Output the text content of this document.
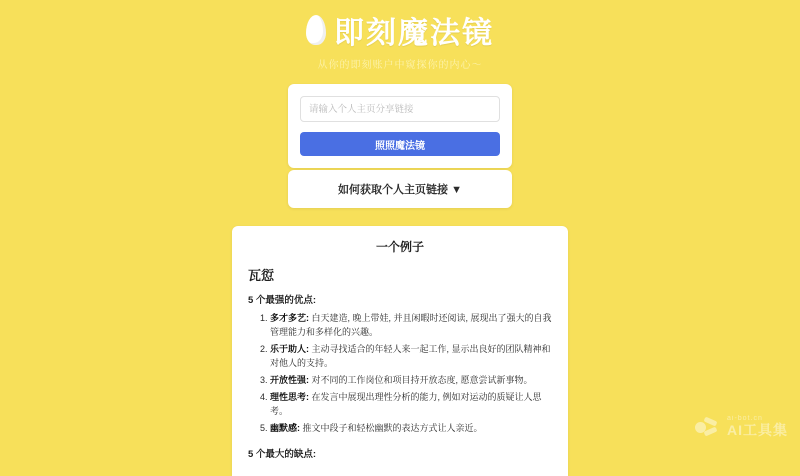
即刻魔法镜
从你的即刻账户中窥探你的内心～
请输入个人主页分享链接 照照魔法镜
如何获取个人主页链接 ▼
一个例子
瓦愆
5 个最强的优点:
1. 多才多艺: 白天建造, 晚上带娃, 并且闲暇时还阅读, 展现出了强大的自我管理能力和多样化的兴趣。
2. 乐于助人: 主动寻找适合的年轻人来一起工作, 显示出良好的团队精神和对他人的支持。
3. 开放性强: 对不同的工作岗位和项目持开放态度, 愿意尝试新事物。
4. 理性思考: 在发言中展现出理性分析的能力, 例如对运动的质疑让人思考。
5. 幽默感: 推文中段子和轻松幽默的表达方式让人亲近。
5 个最大的缺点:
ai-bot.cn
AI工具集
